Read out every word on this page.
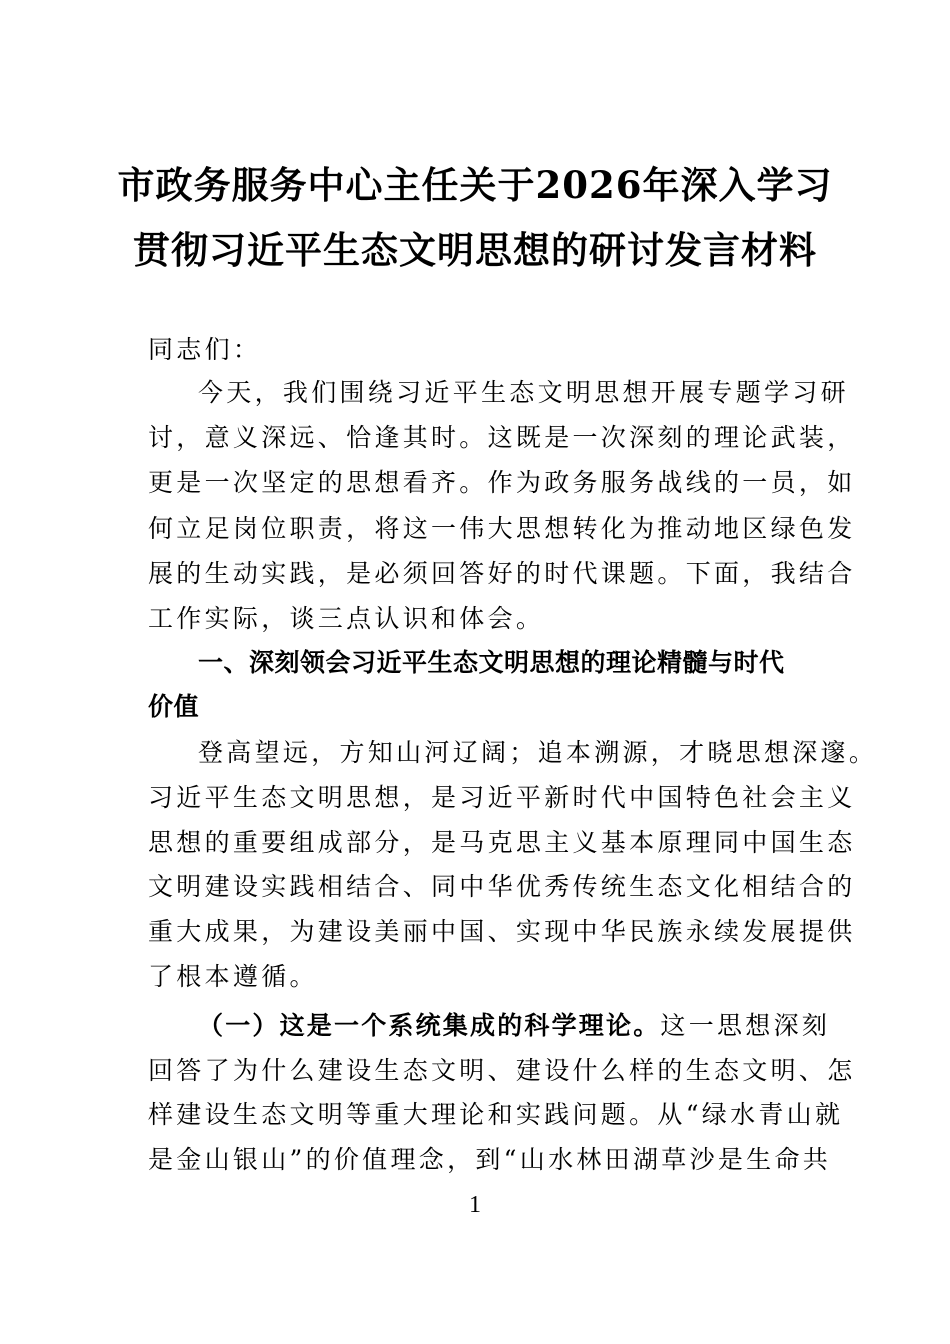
市政务服务中心主任关于2026年深入学习
贯彻习近平生态文明思想的研讨发言材料
同志们：
今天，我们围绕习近平生态文明思想开展专题学习研
讨，意义深远、恰逢其时。这既是一次深刻的理论武装，
更是一次坚定的思想看齐。作为政务服务战线的一员，如
何立足岗位职责，将这一伟大思想转化为推动地区绿色发
展的生动实践，是必须回答好的时代课题。下面，我结合
工作实际，谈三点认识和体会。
一、深刻领会习近平生态文明思想的理论精髓与时代
价值
登高望远，方知山河辽阔；追本溯源，才晓思想深邃。
习近平生态文明思想，是习近平新时代中国特色社会主义
思想的重要组成部分，是马克思主义基本原理同中国生态
文明建设实践相结合、同中华优秀传统生态文化相结合的
重大成果，为建设美丽中国、实现中华民族永续发展提供
了根本遵循。
（一）这是一个系统集成的科学理论。这一思想深刻
回答了为什么建设生态文明、建设什么样的生态文明、怎
样建设生态文明等重大理论和实践问题。从“绿水青山就
是金山银山”的价值理念，到“山水林田湖草沙是生命共
1
